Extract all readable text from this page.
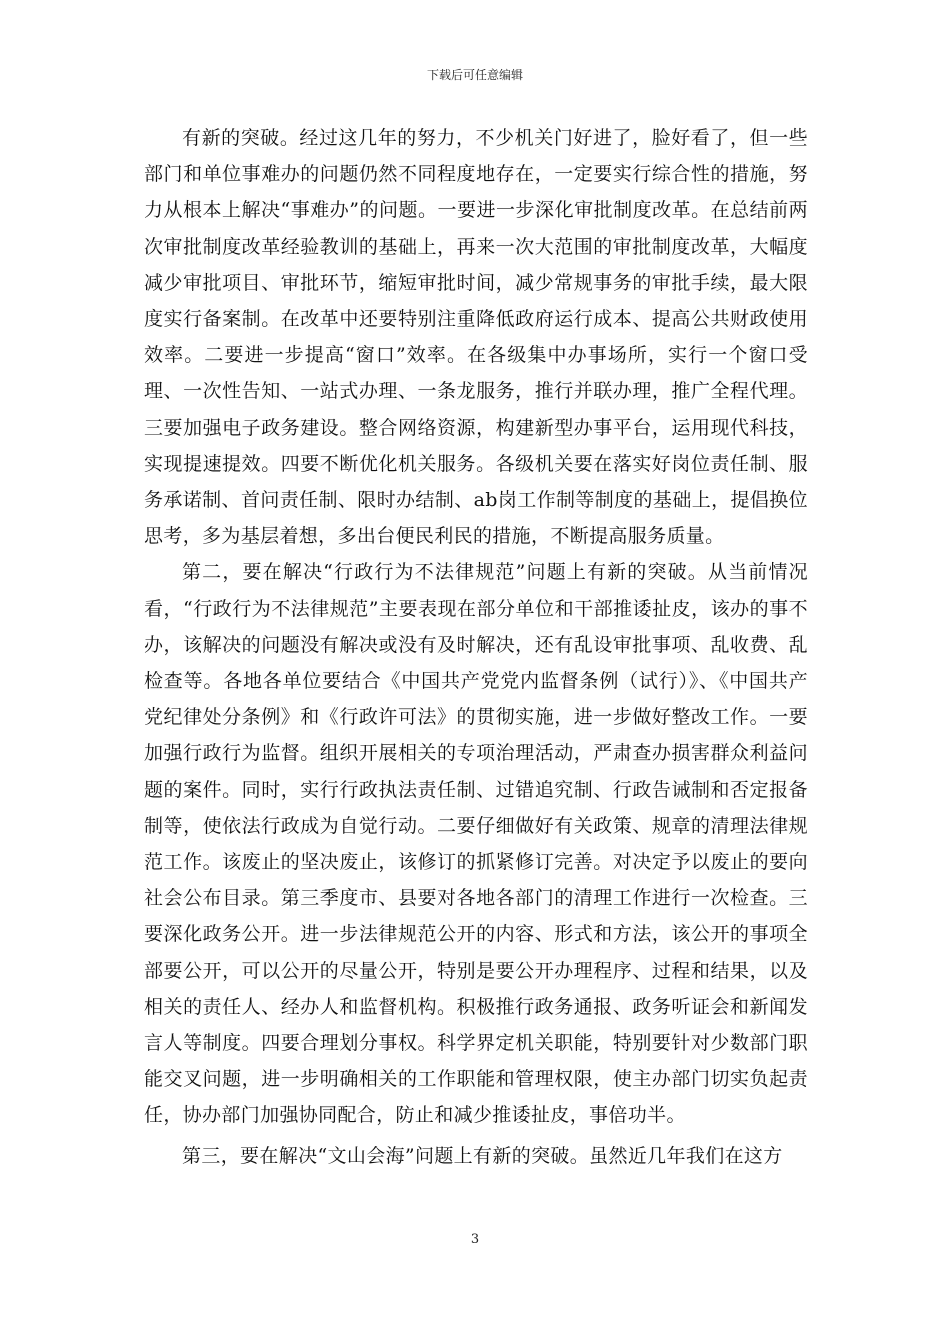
下载后可任意编辑

有新的突破。经过这几年的努力，不少机关门好进了，脸好看了，但一些部门和单位事难办的问题仍然不同程度地存在，一定要实行综合性的措施，努力从根本上解决“事难办”的问题。一要进一步深化审批制度改革。在总结前两次审批制度改革经验教训的基础上，再来一次大范围的审批制度改革，大幅度减少审批项目、审批环节，缩短审批时间，减少常规事务的审批手续，最大限度实行备案制。在改革中还要特别注重降低政府运行成本、提高公共财政使用效率。二要进一步提高“窗口”效率。在各级集中办事场所，实行一个窗口受理、一次性告知、一站式办理、一条龙服务，推行并联办理，推广全程代理。三要加强电子政务建设。整合网络资源，构建新型办事平台，运用现代科技，实现提速提效。四要不断优化机关服务。各级机关要在落实好岗位责任制、服务承诺制、首问责任制、限时办结制、ab岗工作制等制度的基础上，提倡换位思考，多为基层着想，多出台便民利民的措施，不断提高服务质量。

第二，要在解决“行政行为不法律规范”问题上有新的突破。从当前情况看，“行政行为不法律规范”主要表现在部分单位和干部推诿扯皮，该办的事不办，该解决的问题没有解决或没有及时解决，还有乱设审批事项、乱收费、乱检查等。各地各单位要结合《中国共产党党内监督条例（试行）》、《中国共产党纪律处分条例》和《行政许可法》的贯彻实施，进一步做好整改工作。一要加强行政行为监督。组织开展相关的专项治理活动，严肃查办损害群众利益问题的案件。同时，实行行政执法责任制、过错追究制、行政告诫制和否定报备制等，使依法行政成为自觉行动。二要仔细做好有关政策、规章的清理法律规范工作。该废止的坚决废止，该修订的抓紧修订完善。对决定予以废止的要向社会公布目录。第三季度市、县要对各地各部门的清理工作进行一次检查。三要深化政务公开。进一步法律规范公开的内容、形式和方法，该公开的事项全部要公开，可以公开的尽量公开，特别是要公开办理程序、过程和结果，以及相关的责任人、经办人和监督机构。积极推行政务通报、政务听证会和新闻发言人等制度。四要合理划分事权。科学界定机关职能，特别要针对少数部门职能交叉问题，进一步明确相关的工作职能和管理权限，使主办部门切实负起责任，协办部门加强协同配合，防止和减少推诿扯皮，事倍功半。

第三，要在解决“文山会海”问题上有新的突破。虽然近几年我们在这方

3
